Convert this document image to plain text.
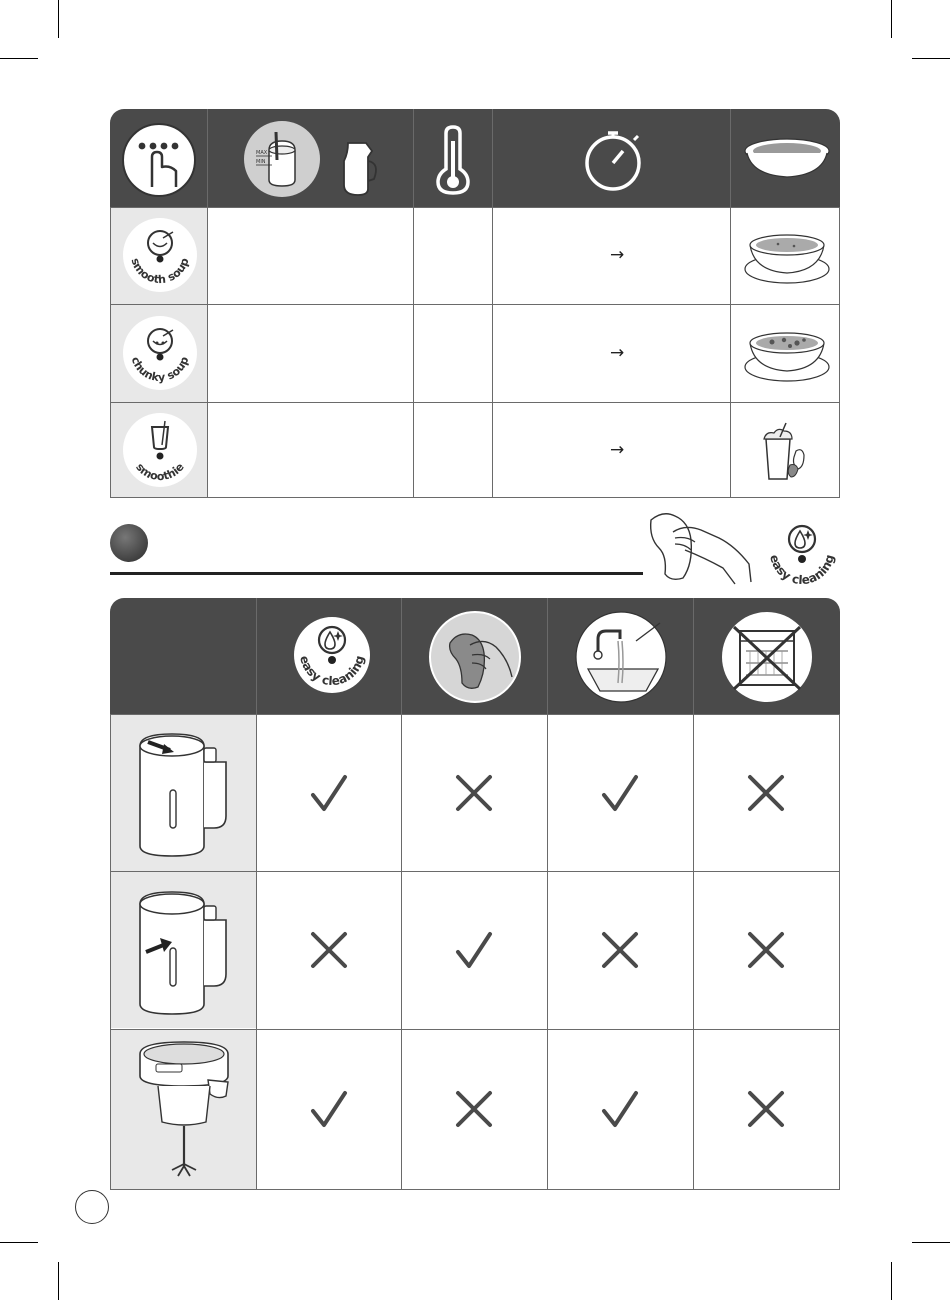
MAX
MIN
smooth soup
chunky soup
smoothie
→
→
→
easy cleaning
easy cleaning
